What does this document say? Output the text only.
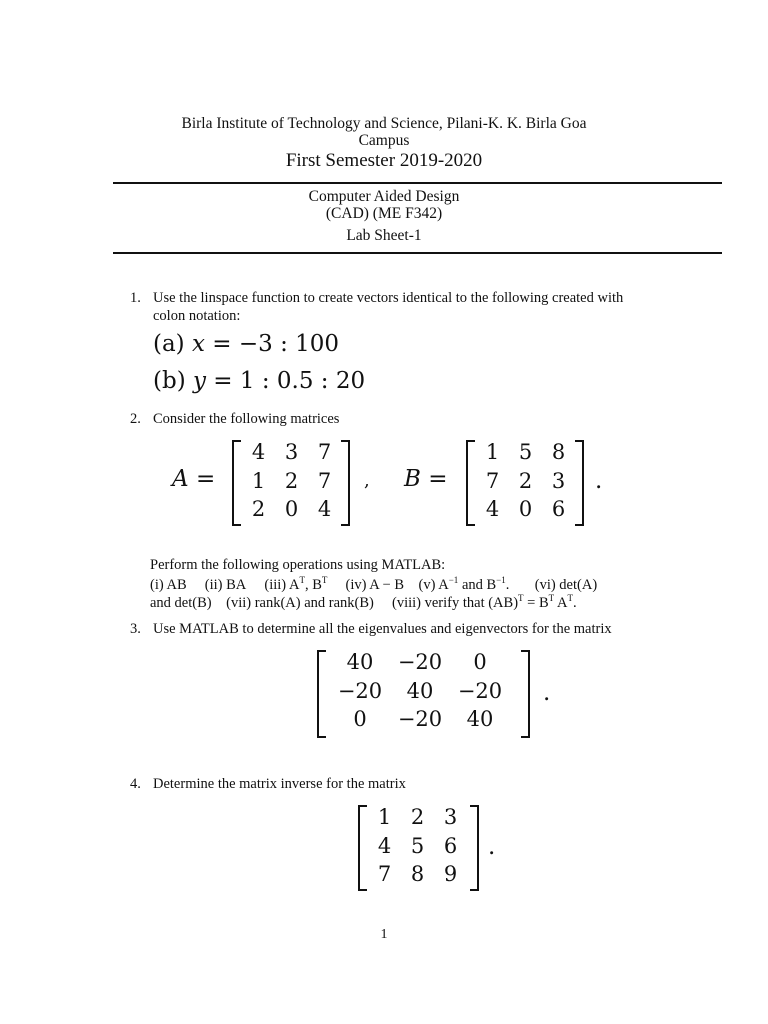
Birla Institute of Technology and Science, Pilani-K. K. Birla Goa
Campus
First Semester 2019-2020
Computer Aided Design
(CAD) (ME F342)
Lab Sheet-1
1. Use the linspace function to create vectors identical to the following created with
colon notation:
(a) x = −3 : 100
(b) y = 1 : 0.5 : 20
2. Consider the following matrices
A =
4	3	7
1	2	7
2	0	4
, B =
1	5	8
7	2	3
4	0	6
.
Perform the following operations using MATLAB:
(i) AB (ii) BA (iii) $A^T$, $B^T$ (iv) A − B (v) $A^{-1}$ and $B^{-1}$. (vi) det(A)
and det(B) (vii) rank(A) and rank(B) (viii) verify that $(AB)^T = B^T$ $A^T$.
3. Use MATLAB to determine all the eigenvalues and eigenvectors for the matrix
40	−20	0
−20	40	−20
0	−20	40
.
4. Determine the matrix inverse for the matrix
1	2	3
4	5	6
7	8	9
.
1
